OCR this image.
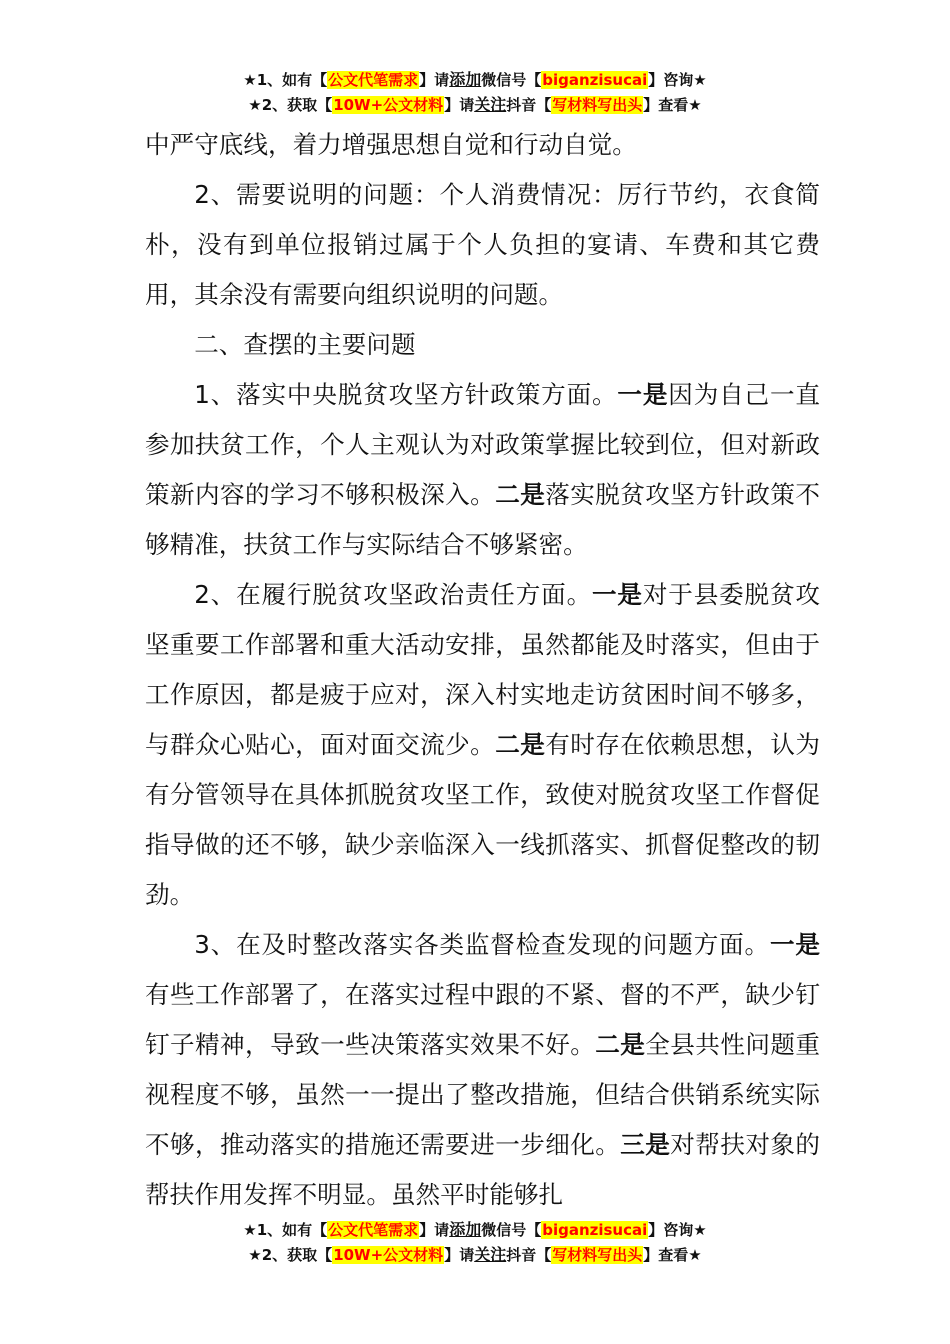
★1、如有【公文代笔需求】请添加微信号【biganzisucai】咨询★
★2、获取【10W+公文材料】请关注抖音【写材料写出头】查看★

中严守底线，着力增强思想自觉和行动自觉。

2、需要说明的问题：个人消费情况：厉行节约，衣食简朴，没有到单位报销过属于个人负担的宴请、车费和其它费用，其余没有需要向组织说明的问题。

二、查摆的主要问题

1、落实中央脱贫攻坚方针政策方面。一是因为自己一直参加扶贫工作，个人主观认为对政策掌握比较到位，但对新政策新内容的学习不够积极深入。二是落实脱贫攻坚方针政策不够精准，扶贫工作与实际结合不够紧密。

2、在履行脱贫攻坚政治责任方面。一是对于县委脱贫攻坚重要工作部署和重大活动安排，虽然都能及时落实，但由于工作原因，都是疲于应对，深入村实地走访贫困时间不够多，与群众心贴心，面对面交流少。二是有时存在依赖思想，认为有分管领导在具体抓脱贫攻坚工作，致使对脱贫攻坚工作督促指导做的还不够，缺少亲临深入一线抓落实、抓督促整改的韧劲。

3、在及时整改落实各类监督检查发现的问题方面。一是有些工作部署了，在落实过程中跟的不紧、督的不严，缺少钉钉子精神，导致一些决策落实效果不好。二是全县共性问题重视程度不够，虽然一一提出了整改措施，但结合供销系统实际不够，推动落实的措施还需要进一步细化。三是对帮扶对象的帮扶作用发挥不明显。虽然平时能够扎

★1、如有【公文代笔需求】请添加微信号【biganzisucai】咨询★
★2、获取【10W+公文材料】请关注抖音【写材料写出头】查看★
